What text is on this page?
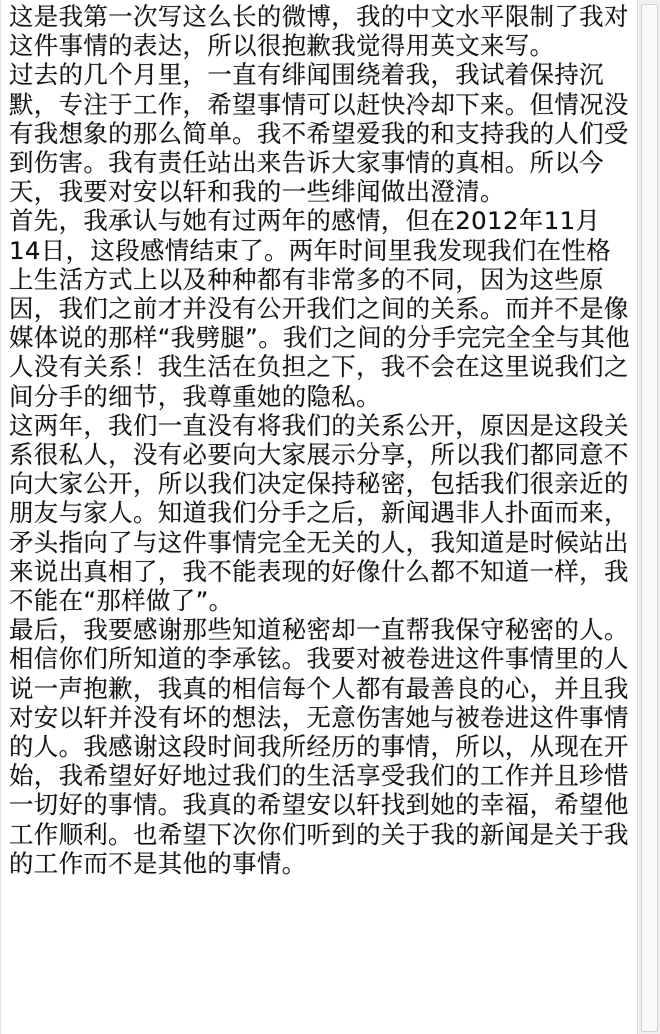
这是我第一次写这么长的微博，我的中文水平限制了我对这件事情的表达，所以很抱歉我觉得用英文来写。

过去的几个月里，一直有绯闻围绕着我，我试着保持沉默，专注于工作，希望事情可以赶快冷却下来。但情况没有我想象的那么简单。我不希望爱我的和支持我的人们受到伤害。我有责任站出来告诉大家事情的真相。所以今天，我要对安以轩和我的一些绯闻做出澄清。

首先，我承认与她有过两年的感情，但在2012年11月14日，这段感情结束了。两年时间里我发现我们在性格上生活方式上以及种种都有非常多的不同，因为这些原因，我们之前才并没有公开我们之间的关系。而并不是像媒体说的那样“我劈腿”。我们之间的分手完完全全与其他人没有关系！我生活在负担之下，我不会在这里说我们之间分手的细节，我尊重她的隐私。

这两年，我们一直没有将我们的关系公开，原因是这段关系很私人，没有必要向大家展示分享，所以我们都同意不向大家公开，所以我们决定保持秘密，包括我们很亲近的朋友与家人。知道我们分手之后，新闻遇非人扑面而来，矛头指向了与这件事情完全无关的人，我知道是时候站出来说出真相了，我不能表现的好像什么都不知道一样，我不能在“那样做了”。

最后，我要感谢那些知道秘密却一直帮我保守秘密的人。相信你们所知道的李承铉。我要对被卷进这件事情里的人说一声抱歉，我真的相信每个人都有最善良的心，并且我对安以轩并没有坏的想法，无意伤害她与被卷进这件事情的人。我感谢这段时间我所经历的事情，所以，从现在开始，我希望好好地过我们的生活享受我们的工作并且珍惜一切好的事情。我真的希望安以轩找到她的幸福，希望他工作顺利。也希望下次你们听到的关于我的新闻是关于我的工作而不是其他的事情。
